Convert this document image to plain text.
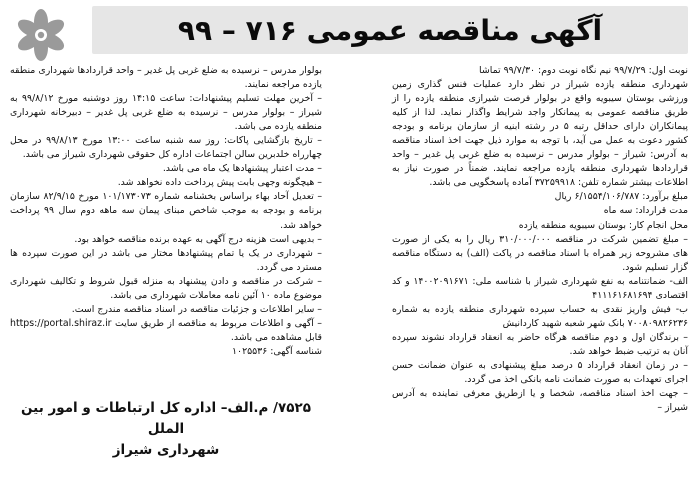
آگهی مناقصه عمومی ۷۱۶ – ۹۹

نوبت اول: ۹۹/۷/۲۹ نیم نگاه نوبت دوم: ۹۹/۷/۳۰ تماشا

شهرداری منطقه یازده شیراز در نظر دارد عملیات فنس گذاری زمین ورزشی بوستان سیبویه واقع در بولوار فرصت شیرازی منطقه یازده را از طریق مناقصه عمومی به پیمانکار واجد شرایط واگذار نماید. لذا از کلیه پیمانکاران دارای حداقل رتبه ۵ در رشته ابنیه از سازمان برنامه و بودجه کشور دعوت به عمل می آید، با توجه به موارد ذیل جهت اخذ اسناد مناقصه به آدرس: شیراز – بولوار مدرس – نرسیده به ضلع غربی پل غدیر – واحد قراردادها شهرداری منطقه یازده مراجعه نمایند. ضمناً در صورت نیاز به اطلاعات بیشتر شماره تلفن: ۳۷۲۵۹۹۱۸ آماده پاسخگویی می باشد.

مبلغ برآورد: ۶/۱۵۵۴/۱۰۶/۷۸۷ ریال

مدت قرارداد: سه ماه

محل انجام کار: بوستان سیبویه منطقه یازده

– مبلغ تضمین شرکت در مناقصه ۳۱۰/۰۰۰/۰۰۰ ریال را به یکی از صورت های مشروحه زیر همراه با اسناد مناقصه در پاکت (الف) به دستگاه مناقصه گزار تسلیم شود.

الف- ضمانتنامه به نفع شهرداری شیراز با شناسه ملی: ۱۴۰۰۲۰۹۱۶۷۱ و کد اقتصادی ۴۱۱۱۶۱۶۸۱۶۹۴

ب- فیش واریز نقدی به حساب سپرده شهرداری منطقه یازده به شماره ۷۰۰۸۰۹۸۲۶۲۳۶ بانک شهر شعبه شهید کاردانیش

– برندگان اول و دوم مناقصه هرگاه حاضر به انعقاد قرارداد نشوند سپرده آنان به ترتیب ضبط خواهد شد.

– در زمان انعقاد قرارداد ۵ درصد مبلغ پیشنهادی به عنوان ضمانت حسن اجرای تعهدات به صورت ضمانت نامه بانکی اخذ می گردد.

– جهت اخذ اسناد مناقصه، شخصا و یا ازطریق معرفی نماینده به آدرس شیراز –

بولوار مدرس – نرسیده به ضلع غربی پل غدیر – واحد قراردادها شهرداری منطقه یازده مراجعه نمایند.

– آخرین مهلت تسلیم پیشنهادات: ساعت ۱۴:۱۵ روز دوشنبه مورخ ۹۹/۸/۱۲ به شیراز – بولوار مدرس – نرسیده به ضلع غربی پل غدیر – دبیرخانه شهرداری منطقه یازده می باشد.

– تاریخ بازگشایی پاکات: روز سه شنبه ساعت ۱۳:۰۰ مورخ ۹۹/۸/۱۳ در محل چهارراه خلدبرین سالن اجتماعات اداره کل حقوقی شهرداری شیراز می باشد.

– مدت اعتبار پیشنهادها یک ماه می باشد.

– هیچگونه وجهی بابت پیش پرداخت داده نخواهد شد.

– تعدیل آحاد بهاء براساس بخشنامه شماره ۱۰۱/۱۷۳۰۷۳ مورخ ۸۲/۹/۱۵ سازمان برنامه و بودجه به موجب شاخص مبنای پیمان سه ماهه دوم سال ۹۹ پرداخت خواهد شد.

– بدیهی است هزینه درج آگهی به عهده برنده مناقصه خواهد بود.

– شهرداری در یک یا تمام پیشنهادها مختار می باشد در این صورت سپرده ها مسترد می گردد.

– شرکت در مناقصه و دادن پیشنهاد به منزله قبول شروط و تکالیف شهرداری موضوع ماده ۱۰ آئین نامه معاملات شهرداری می باشد.

– سایر اطلاعات و جزئیات مناقصه در اسناد مناقصه مندرج است.

– آگهی و اطلاعات مربوط به مناقصه از طریق سایت https://portal.shiraz.ir قابل مشاهده می باشد.

شناسه آگهی: ۱۰۲۵۵۳۶

۷۵۲۵/ م.الف– اداره کل ارتباطات و امور بین الملل
شهرداری شیراز
